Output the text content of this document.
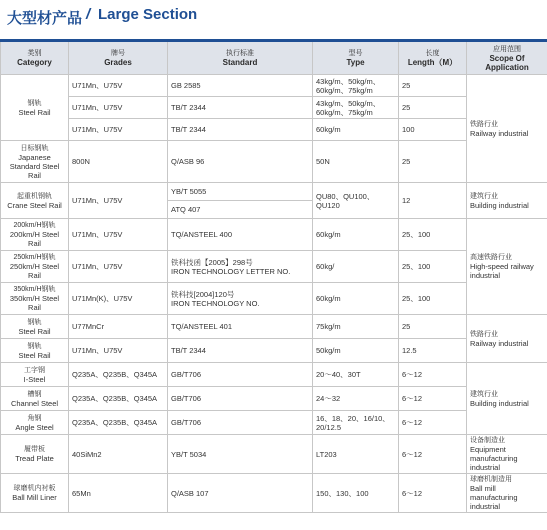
大型材产品 / Large Section
类别
Category	牌号
Grades	执行标准
Standard	型号
Type	长度
Length（M）	应用范围
Scope Of Application

钢轨
Steel Rail	U71Mn、U75V	GB 2585	43kg/m、50kg/m、60kg/m、75kg/m	25	铁路行业
Railway industrial
	U71Mn、U75V	TB/T 2344	43kg/m、50kg/m、60kg/m、75kg/m	25	
	U71Mn、U75V	TB/T 2344	60kg/m	100	

日标钢轨
Japanese Standard Steel Rail	800N	Q/ASB 96	50N	25	

起重机钢轨
Crane Steel Rail	U71Mn、U75V	YB/T 5055	QU80、QU100、QU120	12	建筑行业
Building industrial
		ATQ 407			

200km/H钢轨
200km/H Steel Rail	U71Mn、U75V	TQ/ANSTEEL 400	60kg/m	25、100	高速铁路行业
High-speed railway industrial

250km/H钢轨
250km/H Steel Rail	U71Mn、U75V	铁科技函【2005】298号
IRON TECHNOLOGY LETTER NO.	60kg/	25、100	

350km/H钢轨
350km/H Steel Rail	U71Mn(K)、U75V	铁科技[2004]120号
IRON TECHNOLOGY NO.	60kg/m	25、100	

钢轨
Steel Rail	U77MnCr	TQ/ANSTEEL 401	75kg/m	25	铁路行业
Railway industrial

钢轨
Steel Rail	U71Mn、U75V	TB/T 2344	50kg/m	12.5	

工字钢
I-Steel	Q235A、Q235B、Q345A	GB/T706	20～40、30T	6～12	建筑行业
Building industrial

槽钢
Channel Steel	Q235A、Q235B、Q345A	GB/T706	24～32	6～12	

角钢
Angle Steel	Q235A、Q235B、Q345A	GB/T706	16、18、20、16/10、20/12.5	6～12	

履带板
Tread Plate	40SiMn2	YB/T 5034	LT203	6～12	设备制造业
Equipment manufacturing industrial

球磨机内衬板
Ball Mill Liner	65Mn	Q/ASB 107	150、130、100	6～12	球磨机制造用
Ball mill manufacturing industrial
